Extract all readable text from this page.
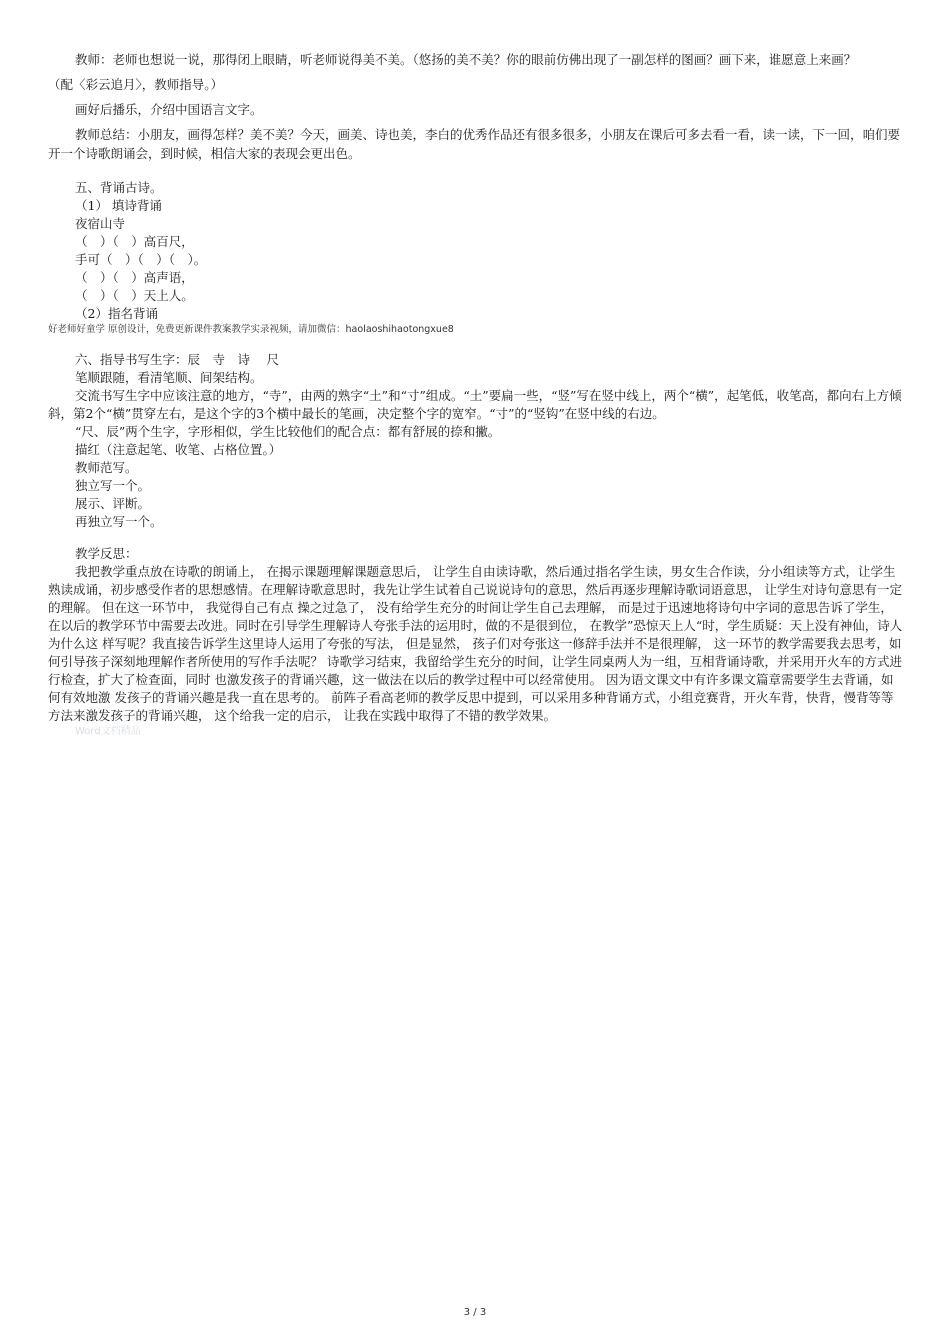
教师：老师也想说一说，那得闭上眼睛，听老师说得美不美。（悠扬的美不美？你的眼前仿佛出现了一副怎样的图画？画下来，谁愿意上来画？

（配〈彩云追月〉，教师指导。）

画好后播乐，介绍中国语言文字。

教师总结：小朋友，画得怎样？美不美？今天，画美、诗也美，李白的优秀作品还有很多很多，小朋友在课后可多去看一看，读一读，下一回，咱们要开一个诗歌朗诵会，到时候，相信大家的表现会更出色。

五、背诵古诗。

（1） 填诗背诵

夜宿山寺

（　）（　）高百尺，

手可（　）（　）（　）。

（　）（　）高声语，

（　）（　）天上人。

（2）指名背诵

好老师好童学 原创设计，免费更新课件教案教学实录视频，请加微信：haolaoshihaotongxue8

六、指导书写生字：辰　寺　诗　 尺

笔顺跟随，看清笔顺、间架结构。

交流书写生字中应该注意的地方，“寺”，由两的熟字“土”和“寸”组成。“土”要扁一些，“竖”写在竖中线上，两个“横”，起笔低，收笔高，都向右上方倾斜，第2个“横”贯穿左右，是这个字的3个横中最长的笔画，决定整个字的宽窄。“寸”的“竖钩”在竖中线的右边。

“尺、辰”两个生字，字形相似，学生比较他们的配合点：都有舒展的捺和撇。

描红（注意起笔、收笔、占格位置。）

教师范写。

独立写一个。

展示、评断。

再独立写一个。

教学反思：

我把教学重点放在诗歌的朗诵上， 在揭示课题理解课题意思后， 让学生自由读诗歌，然后通过指名学生读，男女生合作读，分小组读等方式，让学生熟读成诵，初步感受作者的思想感情。在理解诗歌意思时，我先让学生试着自己说说诗句的意思，然后再逐步理解诗歌词语意思， 让学生对诗句意思有一定的理解。 但在这一环节中， 我觉得自己有点 操之过急了， 没有给学生充分的时间让学生自己去理解， 而是过于迅速地将诗句中字词的意思告诉了学生， 在以后的教学环节中需要去改进。同时在引导学生理解诗人夸张手法的运用时，做的不是很到位， 在教学”恐惊天上人“时，学生质疑：天上没有神仙，诗人为什么这 样写呢？我直接告诉学生这里诗人运用了夸张的写法， 但是显然， 孩子们对夸张这一修辞手法并不是很理解， 这一环节的教学需要我去思考，如何引导孩子深刻地理解作者所使用的写作手法呢？ 诗歌学习结束，我留给学生充分的时间，让学生同桌两人为一组，互相背诵诗歌，并采用开火车的方式进行检查，扩大了检查面，同时 也激发孩子的背诵兴趣，这一做法在以后的教学过程中可以经常使用。 因为语文课文中有许多课文篇章需要学生去背诵，如何有效地激 发孩子的背诵兴趣是我一直在思考的。 前阵子看高老师的教学反思中提到，可以采用多种背诵方式，小组竞赛背，开火车背，快背，慢背等等方法来激发孩子的背诵兴趣， 这个给我一定的启示， 让我在实践中取得了不错的教学效果。

Word文档精品

3 / 3
